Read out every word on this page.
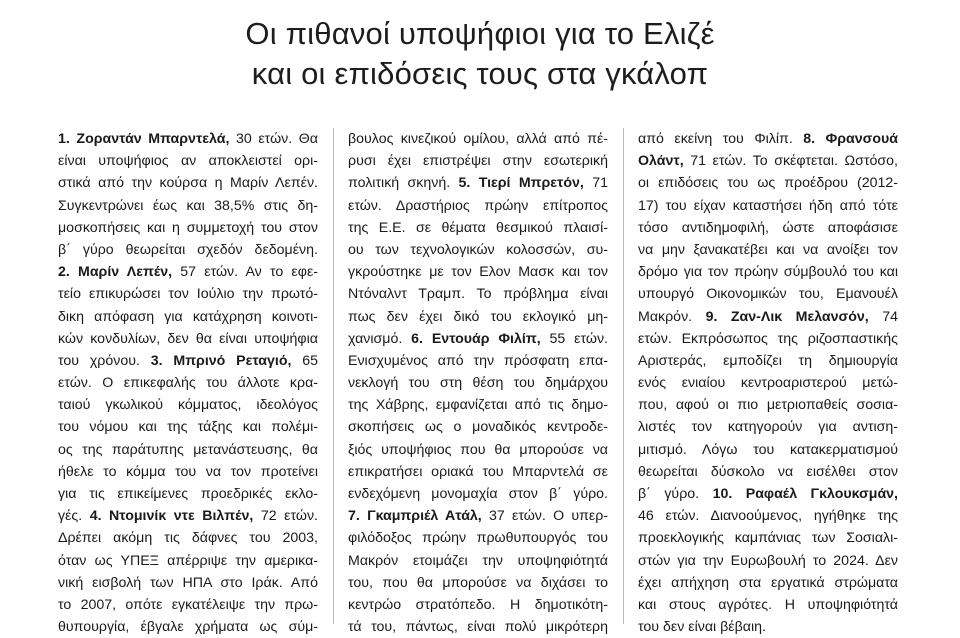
Οι πιθανοί υποψήφιοι για το Ελιζέ
και οι επιδόσεις τους στα γκάλοπ
1. Ζοραντάν Μπαρντελά, 30 ετών. Θα
είναι υποψήφιος αν αποκλειστεί ορι-
στικά από την κούρσα η Μαρίν Λεπέν.
Συγκεντρώνει έως και 38,5% στις δη-
μοσκοπήσεις και η συμμετοχή του στον
β΄ γύρο θεωρείται σχεδόν δεδομένη.
2. Μαρίν Λεπέν, 57 ετών. Αν το εφε-
τείο επικυρώσει τον Ιούλιο την πρωτό-
δικη απόφαση για κατάχρηση κοινοτι-
κών κονδυλίων, δεν θα είναι υποψήφια
του χρόνου. 3. Μπρινό Ρεταγιό, 65
ετών. Ο επικεφαλής του άλλοτε κρα-
ταιού γκωλικού κόμματος, ιδεολόγος
του νόμου και της τάξης και πολέμι-
ος της παράτυπης μετανάστευσης, θα
ήθελε το κόμμα του να τον προτείνει
για τις επικείμενες προεδρικές εκλο-
γές. 4. Ντομινίκ ντε Βιλπέν, 72 ετών.
Δρέπει ακόμη τις δάφνες του 2003,
όταν ως ΥΠΕΞ απέρριψε την αμερικα-
νική εισβολή των ΗΠΑ στο Ιράκ. Από
το 2007, οπότε εγκατέλειψε την πρω-
θυπουργία, έβγαλε χρήματα ως σύμ-
βουλος κινεζικού ομίλου, αλλά από πέ-
ρυσι έχει επιστρέψει στην εσωτερική
πολιτική σκηνή. 5. Τιερί Μπρετόν, 71
ετών. Δραστήριος πρώην επίτροπος
της Ε.Ε. σε θέματα θεσμικού πλαισί-
ου των τεχνολογικών κολοσσών, συ-
γκρούστηκε με τον Ελον Μασκ και τον
Ντόναλντ Τραμπ. Το πρόβλημα είναι
πως δεν έχει δικό του εκλογικό μη-
χανισμό. 6. Εντουάρ Φιλίπ, 55 ετών.
Ενισχυμένος από την πρόσφατη επα-
νεκλογή του στη θέση του δημάρχου
της Χάβρης, εμφανίζεται από τις δημο-
σκοπήσεις ως ο μοναδικός κεντροδε-
ξιός υποψήφιος που θα μπορούσε να
επικρατήσει οριακά του Μπαρντελά σε
ενδεχόμενη μονομαχία στον β΄ γύρο.
7. Γκαμπριέλ Ατάλ, 37 ετών. Ο υπερ-
φιλόδοξος πρώην πρωθυπουργός του
Μακρόν ετοιμάζει την υποψηφιότητά
του, που θα μπορούσε να διχάσει το
κεντρώο στρατόπεδο. Η δημοτικότη-
τά του, πάντως, είναι πολύ μικρότερη
από εκείνη του Φιλίπ. 8. Φρανσουά
Ολάντ, 71 ετών. Το σκέφτεται. Ωστόσο,
οι επιδόσεις του ως προέδρου (2012-
17) του είχαν καταστήσει ήδη από τότε
τόσο αντιδημοφιλή, ώστε αποφάσισε
να μην ξανακατέβει και να ανοίξει τον
δρόμο για τον πρώην σύμβουλό του και
υπουργό Οικονομικών του, Εμανουέλ
Μακρόν. 9. Ζαν-Λικ Μελανσόν, 74
ετών. Εκπρόσωπος της ριζοσπαστικής
Αριστεράς, εμποδίζει τη δημιουργία
ενός ενιαίου κεντροαριστερού μετώ-
που, αφού οι πιο μετριοπαθείς σοσια-
λιστές τον κατηγορούν για αντιση-
μιτισμό. Λόγω του κατακερματισμού
θεωρείται δύσκολο να εισέλθει στον
β΄ γύρο. 10. Ραφαέλ Γκλουκσμάν,
46 ετών. Διανοούμενος, ηγήθηκε της
προεκλογικής καμπάνιας των Σοσιαλι-
στών για την Ευρωβουλή το 2024. Δεν
έχει απήχηση στα εργατικά στρώματα
και στους αγρότες. Η υποψηφιότητά
του δεν είναι βέβαιη.
